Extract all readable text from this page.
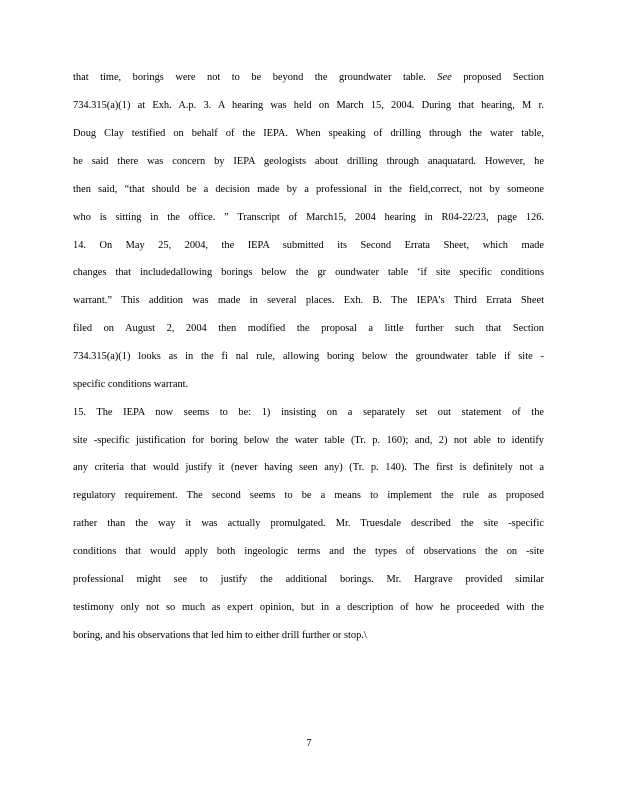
that time, borings were not to be beyond the groundwater table. See proposed Section
734.315(a)(1) at Exh. A.p. 3. A hearing was held on March 15, 2004. During that hearing, M r.
Doug Clay testified on behalf of the IEPA. When speaking of drilling through the water table,
he said there was concern by IEPA geologists about drilling through anaquatard. However, he
then said, “that should be a decision made by a professional in the field,correct, not by someone
who is sitting in the office. ” Transcript of March15, 2004 hearing in R04-22/23, page 126.
14. On May 25, 2004, the IEPA submitted its Second Errata Sheet, which made
changes that includedallowing borings below the gr oundwater table ‘if site specific conditions
warrant.” This addition was made in several places. Exh. B. The IEPA’s Third Errata Sheet
filed on August 2, 2004 then modified the proposal a little further such that Section
734.315(a)(1) looks as in the fi nal rule, allowing boring below the groundwater table if site -
specific conditions warrant.
15. The IEPA now seems to be: 1) insisting on a separately set out statement of the
site -specific justification for boring below the water table (Tr. p. 160); and, 2) not able to identify
any criteria that would justify it (never having seen any) (Tr. p. 140). The first is definitely not a
regulatory requirement. The second seems to be a means to implement the rule as proposed
rather than the way it was actually promulgated. Mr. Truesdale described the site -specific
conditions that would apply both ingeologic terms and the types of observations the on -site
professional might see to justify the additional borings. Mr. Hargrave provided similar
testimony only not so much as expert opinion, but in a description of how he proceeded with the
boring, and his observations that led him to either drill further or stop.\
7
